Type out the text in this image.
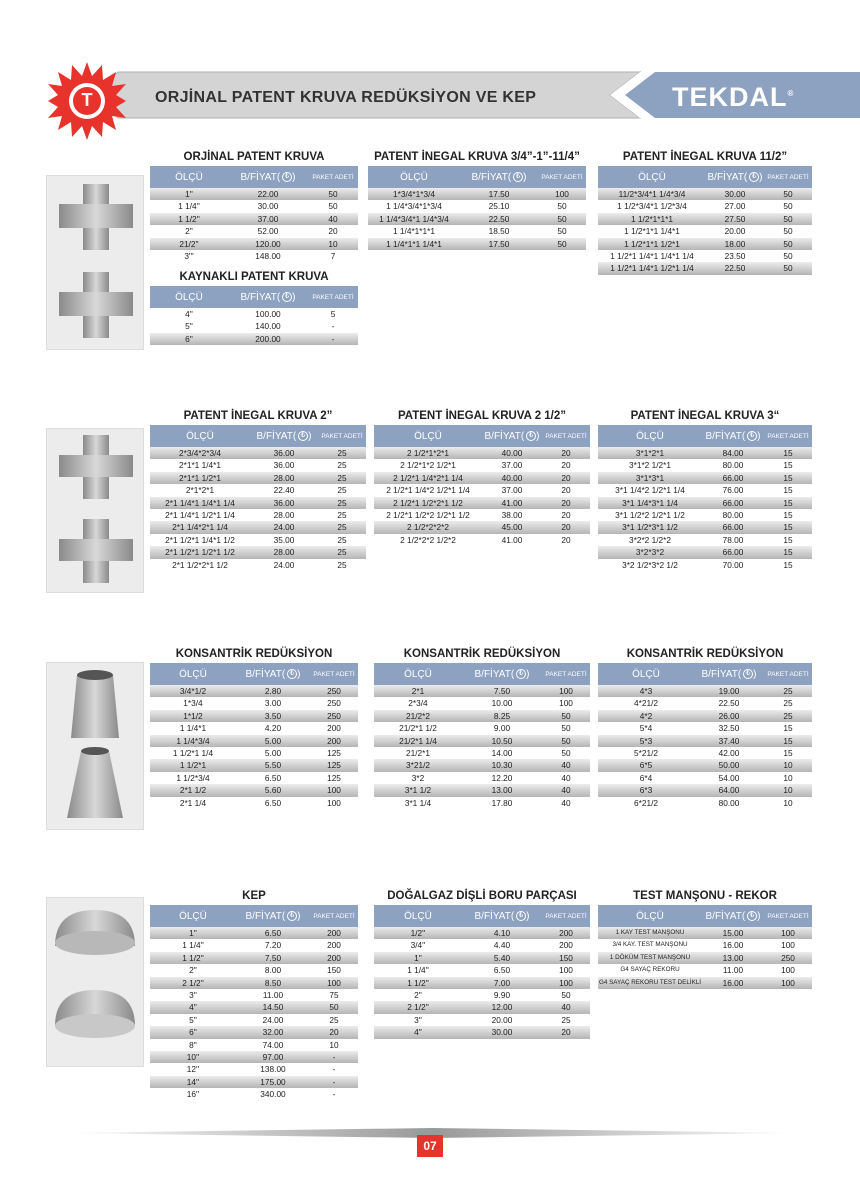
T	ORJİNAL PATENT KRUVA REDÜKSİYON VE KEP	TEKDAL®
ORJİNAL PATENT KRUVA
ÖLÇÜ	B/FİYAT ( ₺ )	PAKET ADETİ
1''	22.00	50
1 1/4''	30.00	50
1 1/2''	37.00	40
2''	52.00	20
21/2''	120.00	10
3'''	148.00	7
KAYNAKLI PATENT KRUVA
ÖLÇÜ	B/FİYAT ( ₺ )	PAKET ADETİ
4''	100.00	5
5''	140.00	-
6''	200.00	-
PATENT İNEGAL KRUVA 3/4”-1”-11/4”
ÖLÇÜ	B/FİYAT ( ₺ )	PAKET ADETİ
1*3/4*1*3/4	17.50	100
1 1/4*3/4*1*3/4	25.10	50
1 1/4*3/4*1 1/4*3/4	22.50	50
1 1/4*1*1*1	18.50	50
1 1/4*1*1 1/4*1	17.50	50
PATENT İNEGAL KRUVA 11/2”
ÖLÇÜ	B/FİYAT ( ₺ ) PAKET ADETİ
11/2*3/4*1 1/4*3/4	30.00	50
1 1/2*3/4*1 1/2*3/4	27.00	50
1 1/2*1*1*1	27.50	50
1 1/2*1*1 1/4*1	20.00	50
1 1/2*1*1 1/2*1	18.00	50
1 1/2*1 1/4*1 1/4*1 1/4	23.50	50
1 1/2*1 1/4*1 1/2*1 1/4	22.50	50
PATENT İNEGAL KRUVA 2”
ÖLÇÜ	B/FİYAT ( ₺ )	PAKET ADETİ
2*3/4*2*3/4	36.00	25
2*1*1 1/4*1	36.00	25
2*1*1 1/2*1	28.00	25
2*1*2*1	22.40	25
2*1 1/4*1 1/4*1 1/4	36.00	25
2*1 1/4*1 1/2*1 1/4	28.00	25
2*1 1/4*2*1 1/4	24.00	25
2*1 1/2*1 1/4*1 1/2	35.00	25
2*1 1/2*1 1/2*1 1/2	28.00	25
2*1 1/2*2*1 1/2	24.00	25
PATENT İNEGAL KRUVA 2 1/2”
ÖLÇÜ	B/FİYAT ( ₺ ) PAKET ADETİ
2 1/2*1*2*1	40.00	20
2 1/2*1*2 1/2*1	37.00	20
2 1/2*1 1/4*2*1 1/4	40.00	20
2 1/2*1 1/4*2 1/2*1 1/4	37.00	20
2 1/2*1 1/2*2*1 1/2	41.00	20
2 1/2*1 1/2*2 1/2*1 1/2	38.00	20
2 1/2*2*2*2	45.00	20
2 1/2*2*2 1/2*2	41.00	20
PATENT İNEGAL KRUVA 3“
ÖLÇÜ	B/FİYAT ( ₺ )	PAKET ADETİ
3*1*2*1	84.00	15
3*1*2 1/2*1	80.00	15
3*1*3*1	66.00	15
3*1 1/4*2 1/2*1 1/4	76.00	15
3*1 1/4*3*1 1/4	66.00	15
3*1 1/2*2 1/2*1 1/2	80.00	15
3*1 1/2*3*1 1/2	66.00	15
3*2*2 1/2*2	78.00	15
3*2*3*2	66.00	15
3*2 1/2*3*2 1/2	70.00	15
KONSANTRİK REDÜKSİYON
ÖLÇÜ	B/FİYAT ( ₺ )	PAKET ADETİ
3/4*1/2	2.80	250
1*3/4	3.00	250
1*1/2	3.50	250
1 1/4*1	4.20	200
1 1/4*3/4	5.00	200
1 1/2*1 1/4	5.00	125
1 1/2*1	5.50	125
1 1/2*3/4	6.50	125
2*1 1/2	5.60	100
2*1 1/4	6.50	100
KONSANTRİK REDÜKSİYON
ÖLÇÜ	B/FİYAT ( ₺ )	PAKET ADETİ
2*1	7.50	100
2*3/4	10.00	100
21/2*2	8.25	50
21/2*1 1/2	9.00	50
21/2*1 1/4	10.50	50
21/2*1	14.00	50
3*21/2	10.30	40
3*2	12.20	40
3*1 1/2	13.00	40
3*1 1/4	17.80	40
KONSANTRİK REDÜKSİYON
ÖLÇÜ	B/FİYAT ( ₺ )	PAKET ADETİ
4*3	19.00	25
4*21/2	22.50	25
4*2	26.00	25
5*4	32.50	15
5*3	37.40	15
5*21/2	42.00	15
6*5	50.00	10
6*4	54.00	10
6*3	64.00	10
6*21/2	80.00	10
KEP
ÖLÇÜ	B/FİYAT ( ₺ )	PAKET ADETİ
1''	6.50	200
1 1/4''	7.20	200
1 1/2''	7.50	200
2''	8.00	150
2 1/2''	8.50	100
3''	11.00	75
4''	14.50	50
5''	24.00	25
6''	32.00	20
8''	74.00	10
10''	97.00	-
12''	138.00	-
14''	175.00	-
16''	340.00	-
DOĞALGAZ DİŞLİ BORU PARÇASI
ÖLÇÜ	B/FİYAT ( ₺ )	PAKET ADETİ
1/2''	4.10	200
3/4''	4.40	200
1''	5.40	150
1 1/4''	6.50	100
1 1/2''	7.00	100
2''	9.90	50
2 1/2''	12.00	40
3''	20.00	25
4''	30.00	20
TEST MANŞONU - REKOR
ÖLÇÜ	B/FİYAT ( ₺ )	PAKET ADETİ
1 KAY TEST MANŞONU	15.00	100
3/4 KAY. TEST MANŞONU	16.00	100
1 DÖKÜM TEST MANŞONU	13.00	250
G4 SAYAÇ REKORU	11.00	100
G4 SAYAÇ REKORU TEST DELİKLİ	16.00	100
07
